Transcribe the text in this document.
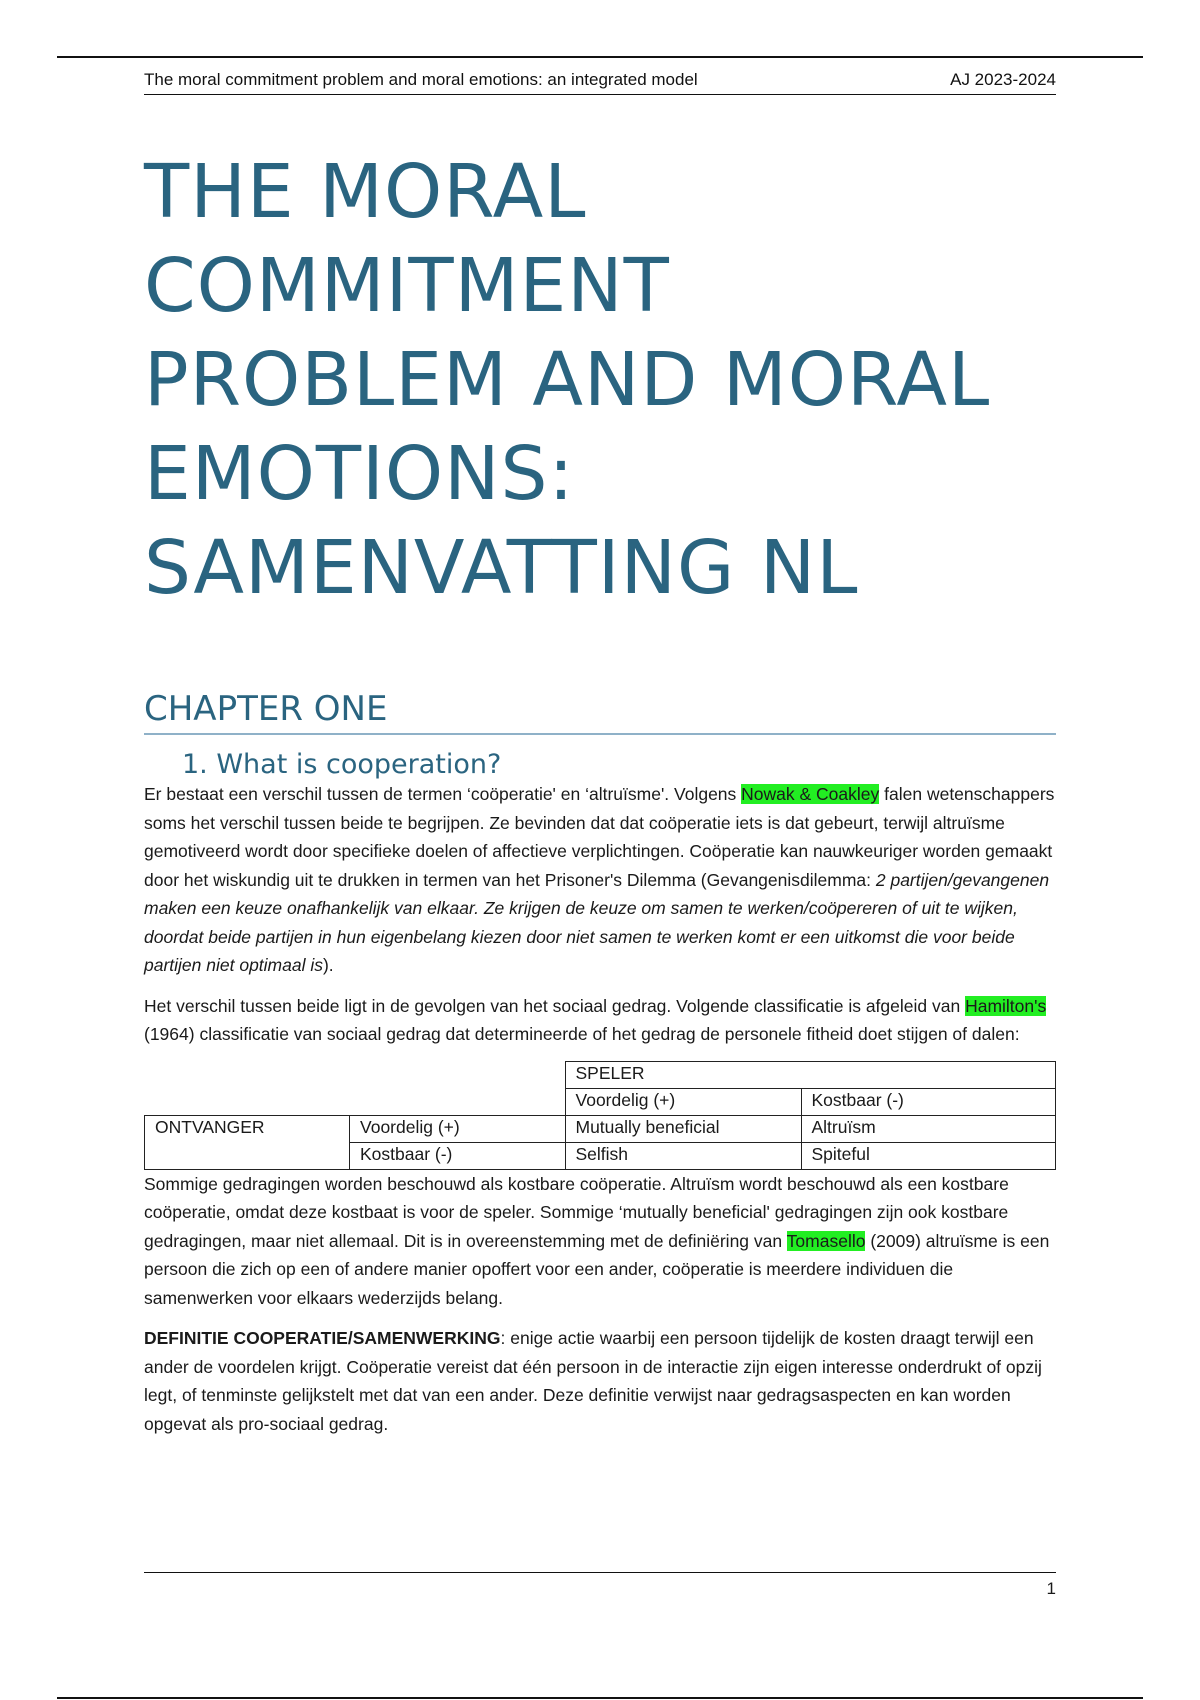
The moral commitment problem and moral emotions: an integrated model	AJ 2023-2024
THE MORAL
COMMITMENT
PROBLEM AND MORAL
EMOTIONS:
SAMENVATTING NL
CHAPTER ONE
1. What is cooperation?

Er bestaat een verschil tussen de termen ‘coöperatie' en ‘altruïsme'. Volgens Nowak & Coakley falen wetenschappers soms het verschil tussen beide te begrijpen. Ze bevinden dat dat coöperatie iets is dat gebeurt, terwijl altruïsme gemotiveerd wordt door specifieke doelen of affectieve verplichtingen. Coöperatie kan nauwkeuriger worden gemaakt door het wiskundig uit te drukken in termen van het Prisoner's Dilemma (Gevangenisdilemma: 2 partijen/gevangenen maken een keuze onafhankelijk van elkaar. Ze krijgen de keuze om samen te werken/coöpereren of uit te wijken, doordat beide partijen in hun eigenbelang kiezen door niet samen te werken komt er een uitkomst die voor beide partijen niet optimaal is).

Het verschil tussen beide ligt in de gevolgen van het sociaal gedrag. Volgende classificatie is afgeleid van Hamilton's (1964) classificatie van sociaal gedrag dat determineerde of het gedrag de personele fitheid doet stijgen of dalen:

		SPELER	
		Voordelig (+)	Kostbaar (-)
ONTVANGER	Voordelig (+)	Mutually beneficial	Altruïsm
	Kostbaar (-)	Selfish	Spiteful

Sommige gedragingen worden beschouwd als kostbare coöperatie. Altruïsm wordt beschouwd als een kostbare coöperatie, omdat deze kostbaat is voor de speler. Sommige ‘mutually beneficial' gedragingen zijn ook kostbare gedragingen, maar niet allemaal. Dit is in overeenstemming met de definiëring van Tomasello (2009) altruïsme is een persoon die zich op een of andere manier opoffert voor een ander, coöperatie is meerdere individuen die samenwerken voor elkaars wederzijds belang.

DEFINITIE COOPERATIE/SAMENWERKING: enige actie waarbij een persoon tijdelijk de kosten draagt terwijl een ander de voordelen krijgt. Coöperatie vereist dat één persoon in de interactie zijn eigen interesse onderdrukt of opzij legt, of tenminste gelijkstelt met dat van een ander. Deze definitie verwijst naar gedragsaspecten en kan worden opgevat als pro-sociaal gedrag.

1
